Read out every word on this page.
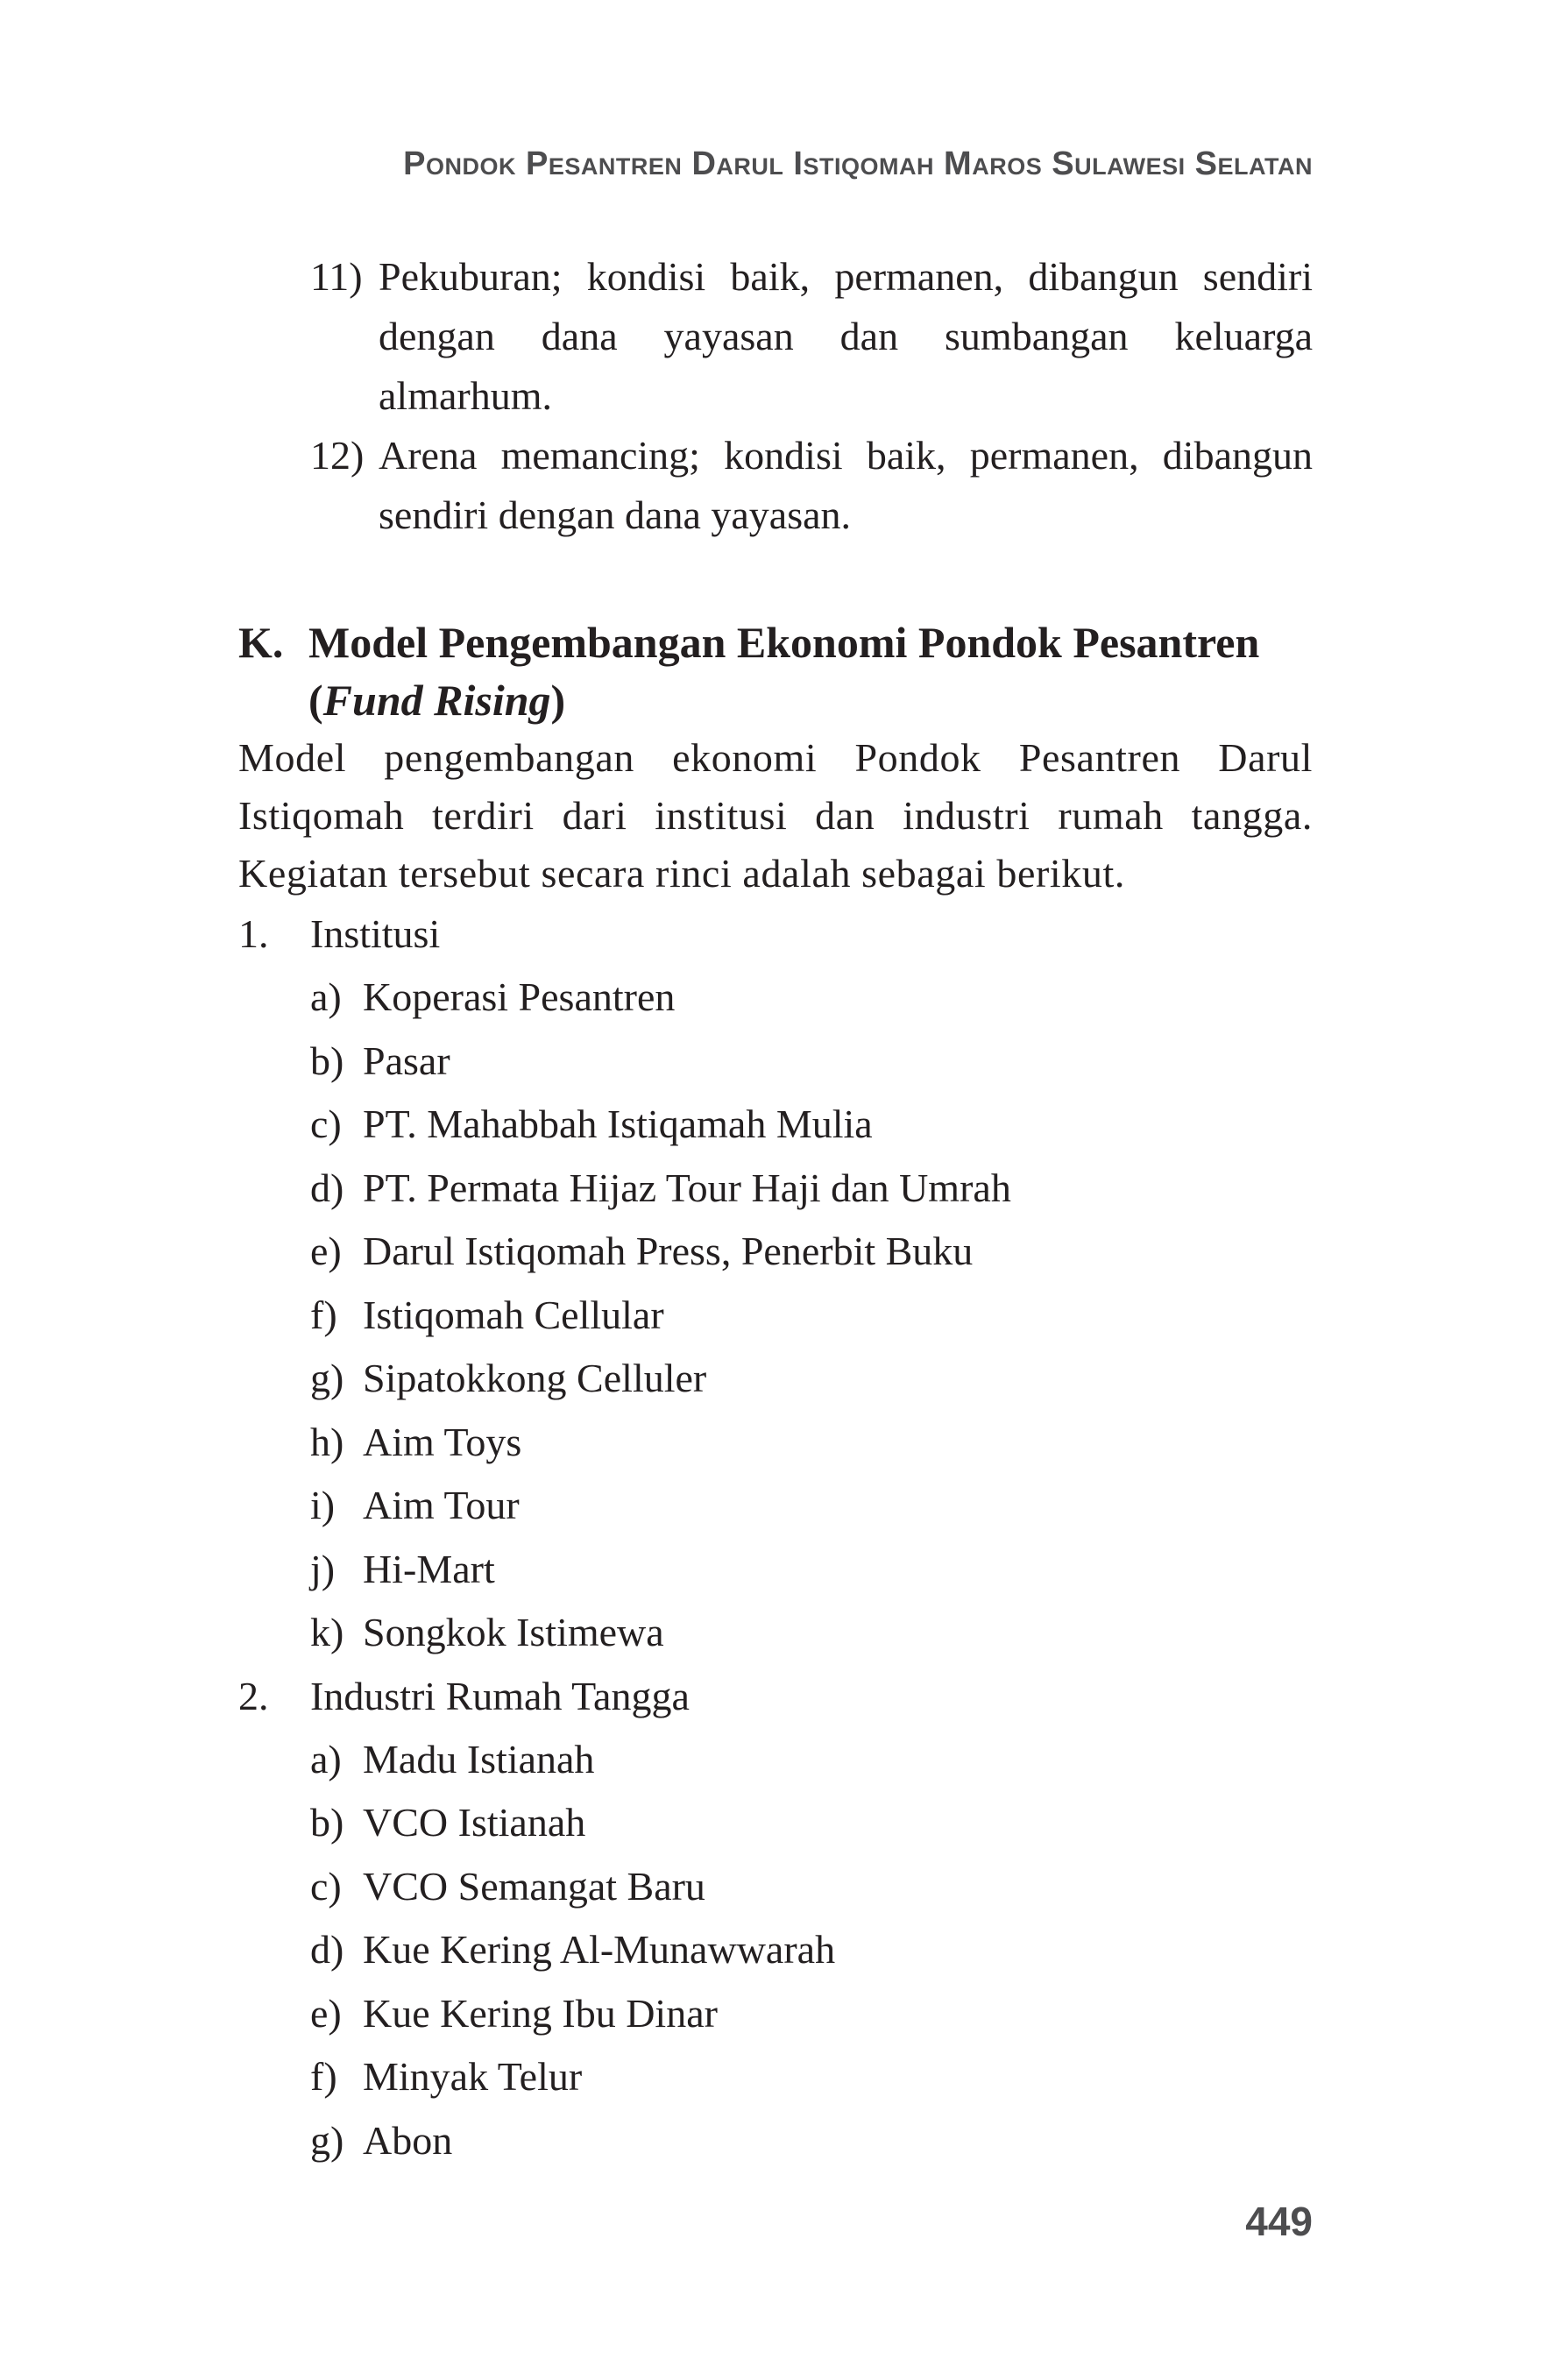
Pondok Pesantren Darul Istiqomah Maros Sulawesi Selatan

11) Pekuburan; kondisi baik, permanen, dibangun sendiri dengan dana yayasan dan sumbangan keluarga almarhum.

12) Arena memancing; kondisi baik, permanen, dibangun sendiri dengan dana yayasan.

K. Model Pengembangan Ekonomi Pondok Pesantren
(Fund Rising)

Model pengembangan ekonomi Pondok Pesantren Darul Istiqomah terdiri dari institusi dan industri rumah tangga. Kegiatan tersebut secara rinci adalah sebagai berikut.

1. Institusi
a) Koperasi Pesantren
b) Pasar
c) PT. Mahabbah Istiqamah Mulia
d) PT. Permata Hijaz Tour Haji dan Umrah
e) Darul Istiqomah Press, Penerbit Buku
f) Istiqomah Cellular
g) Sipatokkong Celluler
h) Aim Toys
i) Aim Tour
j) Hi-Mart
k) Songkok Istimewa
2. Industri Rumah Tangga
a) Madu Istianah
b) VCO Istianah
c) VCO Semangat Baru
d) Kue Kering Al-Munawwarah
e) Kue Kering Ibu Dinar
f) Minyak Telur
g) Abon
449
